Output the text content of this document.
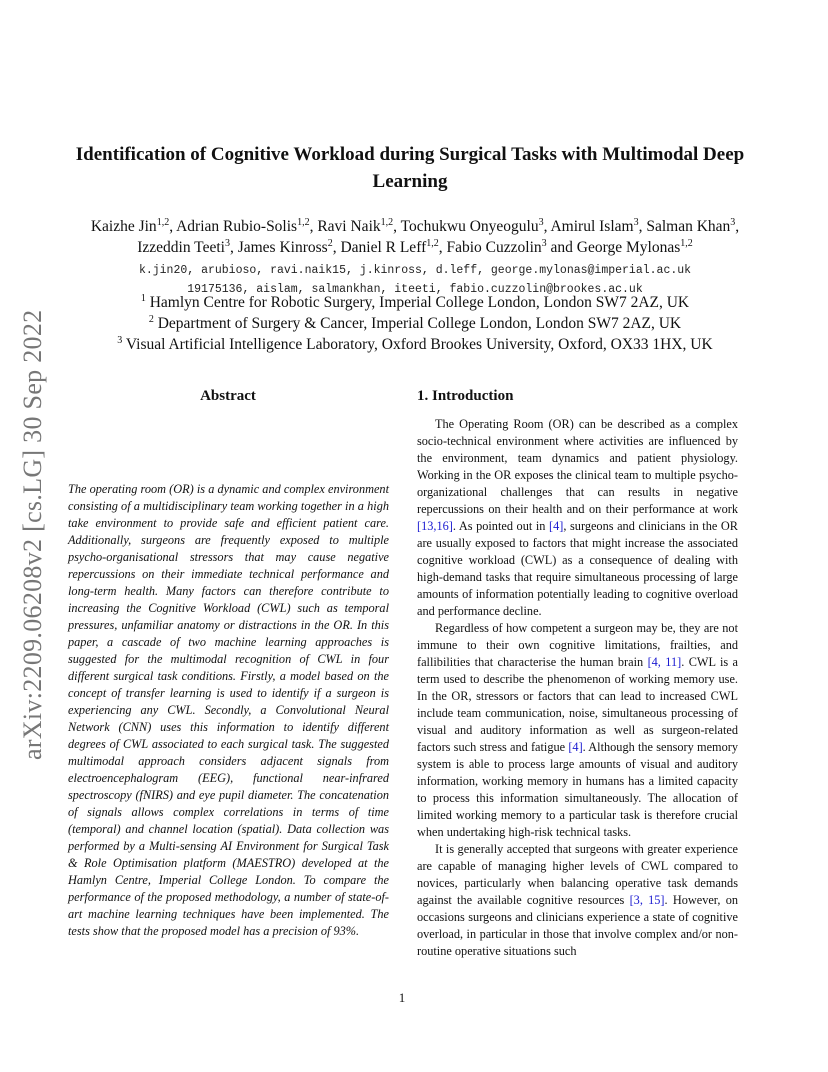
arXiv:2209.06208v2 [cs.LG] 30 Sep 2022
Identification of Cognitive Workload during Surgical Tasks with Multimodal Deep Learning
Kaizhe Jin$^{1,2}$, Adrian Rubio-Solis$^{1,2}$, Ravi Naik$^{1,2}$, Tochukwu Onyeogulu$^3$, Amirul Islam$^3$, Salman Khan$^3$,
Izzeddin Teeti$^3$, James Kinross$^2$, Daniel R Leff$^{1,2}$, Fabio Cuzzolin$^3$ and George Mylonas$^{1,2}$
k.jin20, arubioso, ravi.naik15, j.kinross, d.leff, george.mylonas@imperial.ac.uk
19175136, aislam, salmankhan, iteeti, fabio.cuzzolin@brookes.ac.uk
$^1$ Hamlyn Centre for Robotic Surgery, Imperial College London, London SW7 2AZ, UK
$^2$ Department of Surgery & Cancer, Imperial College London, London SW7 2AZ, UK
$^3$ Visual Artificial Intelligence Laboratory, Oxford Brookes University, Oxford, OX33 1HX, UK
Abstract
The operating room (OR) is a dynamic and complex environment consisting of a multidisciplinary team working together in a high take environment to provide safe and efficient patient care. Additionally, surgeons are frequently exposed to multiple psycho-organisational stressors that may cause negative repercussions on their immediate technical performance and long-term health. Many factors can therefore contribute to increasing the Cognitive Workload (CWL) such as temporal pressures, unfamiliar anatomy or distractions in the OR. In this paper, a cascade of two machine learning approaches is suggested for the multimodal recognition of CWL in four different surgical task conditions. Firstly, a model based on the concept of transfer learning is used to identify if a surgeon is experiencing any CWL. Secondly, a Convolutional Neural Network (CNN) uses this information to identify different degrees of CWL associated to each surgical task. The suggested multimodal approach considers adjacent signals from electroencephalogram (EEG), functional near-infrared spectroscopy (fNIRS) and eye pupil diameter. The concatenation of signals allows complex correlations in terms of time (temporal) and channel location (spatial). Data collection was performed by a Multi-sensing AI Environment for Surgical Task & Role Optimisation platform (MAESTRO) developed at the Hamlyn Centre, Imperial College London. To compare the performance of the proposed methodology, a number of state-of-art machine learning techniques have been implemented. The tests show that the proposed model has a precision of 93%.
1. Introduction

The Operating Room (OR) can be described as a complex socio-technical environment where activities are influenced by the environment, team dynamics and patient physiology. Working in the OR exposes the clinical team to multiple psycho-organizational challenges that can results in negative repercussions on their health and on their performance at work [13,16]. As pointed out in [4], surgeons and clinicians in the OR are usually exposed to factors that might increase the associated cognitive workload (CWL) as a consequence of dealing with high-demand tasks that require simultaneous processing of large amounts of information potentially leading to cognitive overload and performance decline.

Regardless of how competent a surgeon may be, they are not immune to their own cognitive limitations, frailties, and fallibilities that characterise the human brain [4, 11]. CWL is a term used to describe the phenomenon of working memory use. In the OR, stressors or factors that can lead to increased CWL include team communication, noise, simultaneous processing of visual and auditory information as well as surgeon-related factors such stress and fatigue [4]. Although the sensory memory system is able to process large amounts of visual and auditory information, working memory in humans has a limited capacity to process this information simultaneously. The allocation of limited working memory to a particular task is therefore crucial when undertaking high-risk technical tasks.

It is generally accepted that surgeons with greater experience are capable of managing higher levels of CWL compared to novices, particularly when balancing operative task demands against the available cognitive resources [3, 15]. However, on occasions surgeons and clinicians experience a state of cognitive overload, in particular in those that involve complex and/or non-routine operative situations such

1
